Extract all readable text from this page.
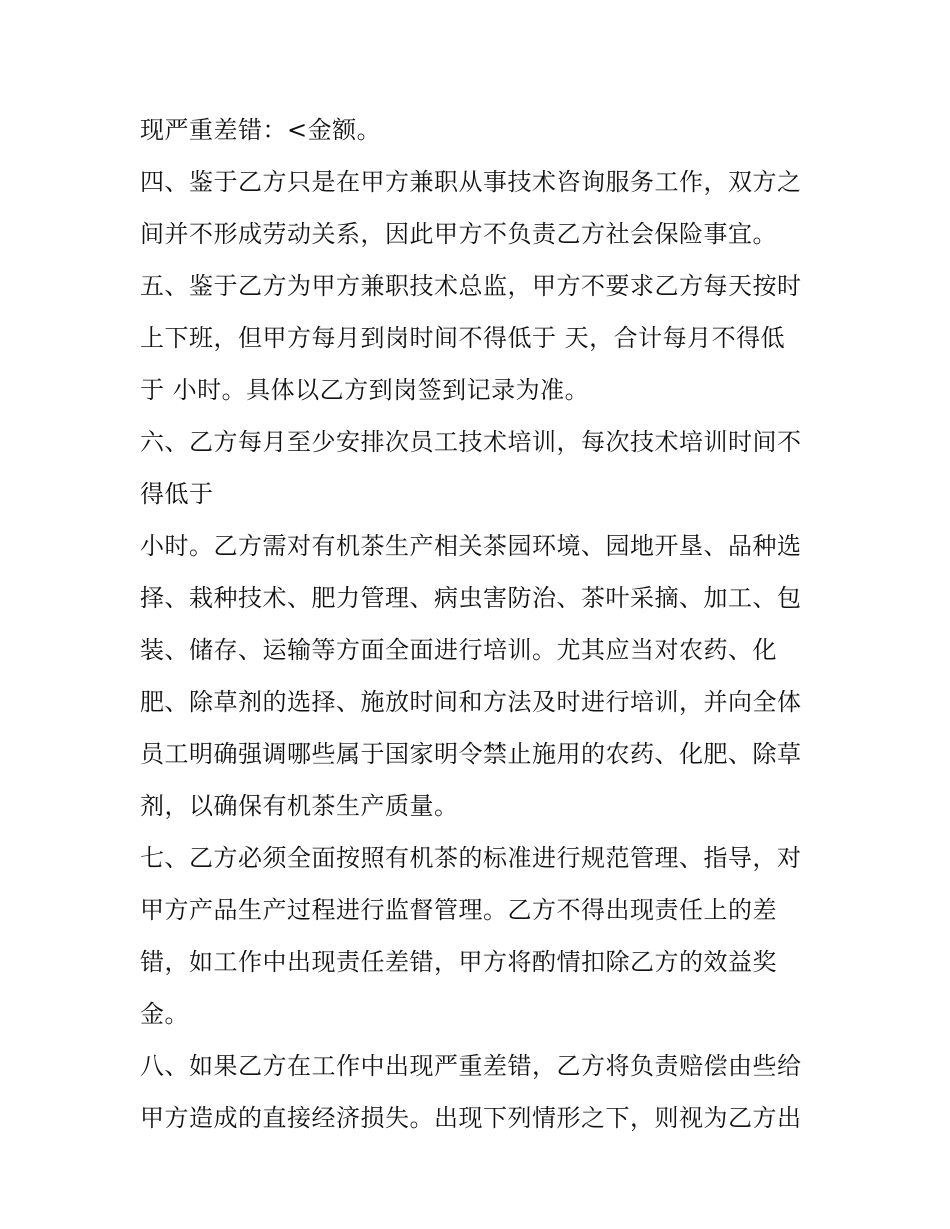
现严重差错：<金额。
四、鉴于乙方只是在甲方兼职从事技术咨询服务工作，双方之
间并不形成劳动关系，因此甲方不负责乙方社会保险事宜。
五、鉴于乙方为甲方兼职技术总监，甲方不要求乙方每天按时
上下班，但甲方每月到岗时间不得低于 天，合计每月不得低
于 小时。具体以乙方到岗签到记录为准。
六、乙方每月至少安排次员工技术培训，每次技术培训时间不
得低于
小时。乙方需对有机茶生产相关茶园环境、园地开垦、品种选
择、栽种技术、肥力管理、病虫害防治、茶叶采摘、加工、包
装、储存、运输等方面全面进行培训。尤其应当对农药、化
肥、除草剂的选择、施放时间和方法及时进行培训，并向全体
员工明确强调哪些属于国家明令禁止施用的农药、化肥、除草
剂，以确保有机茶生产质量。
七、乙方必须全面按照有机茶的标准进行规范管理、指导，对
甲方产品生产过程进行监督管理。乙方不得出现责任上的差
错，如工作中出现责任差错，甲方将酌情扣除乙方的效益奖
金。
八、如果乙方在工作中出现严重差错，乙方将负责赔偿由些给
甲方造成的直接经济损失。出现下列情形之下，则视为乙方出
